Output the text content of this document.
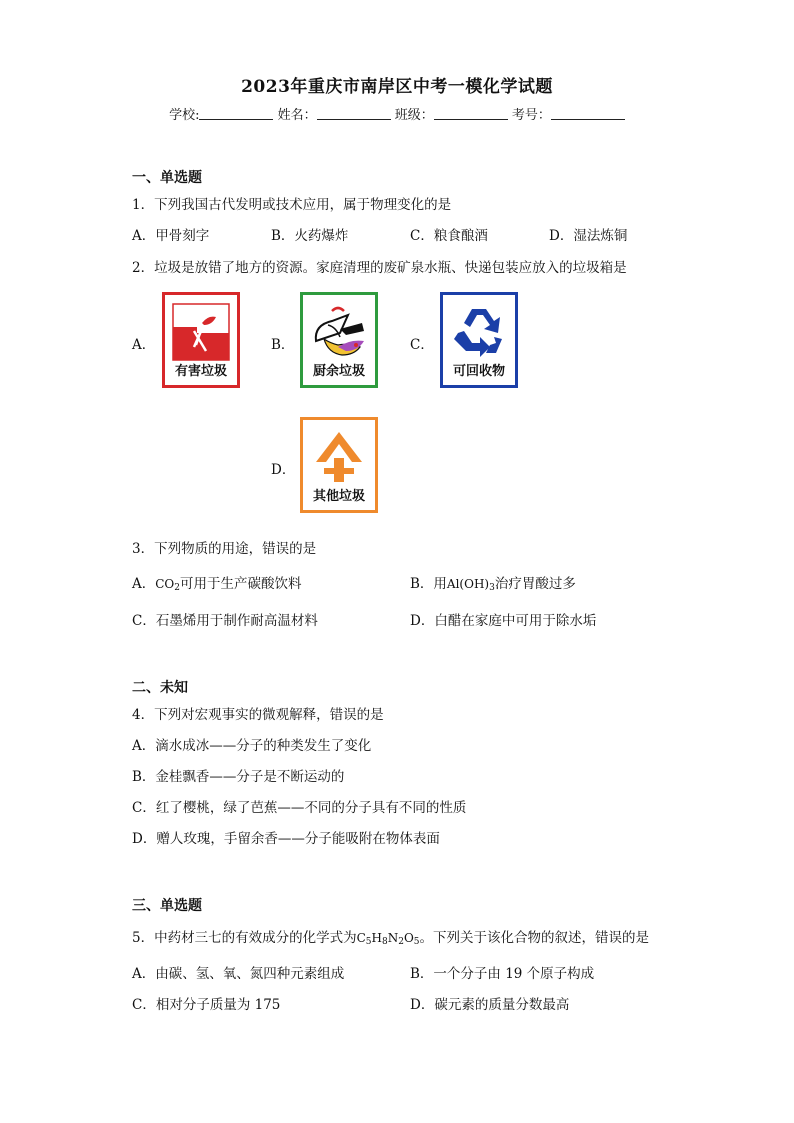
2023年重庆市南岸区中考一模化学试题
学校:	姓名：	班级：	考号：
一、单选题
1．下列我国古代发明或技术应用，属于物理变化的是
A．甲骨刻字	B．火药爆炸	C．粮食酿酒	D．湿法炼铜
2．垃圾是放错了地方的资源。家庭清理的废矿泉水瓶、快递包装应放入的垃圾箱是
A．
有害垃圾
B．
厨余垃圾
C．
可回收物
D．
其他垃圾
3．下列物质的用途，错误的是
A．$CO_2$可用于生产碳酸饮料	B．用$Al(OH)_3$治疗胃酸过多
C．石墨烯用于制作耐高温材料	D．白醋在家庭中可用于除水垢
二、未知
4．下列对宏观事实的微观解释，错误的是
A．滴水成冰——分子的种类发生了变化
B．金桂飘香——分子是不断运动的
C．红了樱桃，绿了芭蕉——不同的分子具有不同的性质
D．赠人玫瑰，手留余香——分子能吸附在物体表面
三、单选题
5．中药材三七的有效成分的化学式为$C_5H_8N_2O_5$。下列关于该化合物的叙述，错误的是
A．由碳、氢、氧、氮四种元素组成	B．一个分子由 19 个原子构成
C．相对分子质量为 175	D．碳元素的质量分数最高
